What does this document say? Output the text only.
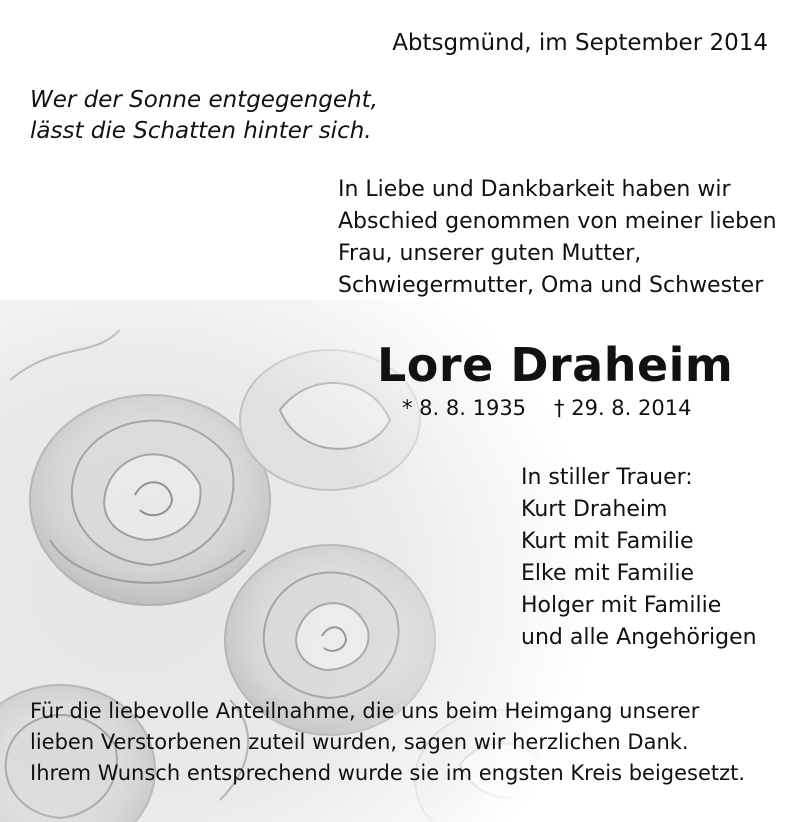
Abtsgmünd, im September 2014

Wer der Sonne entgegengeht,
lässt die Schatten hinter sich.

In Liebe und Dankbarkeit haben wir
Abschied genommen von meiner lieben
Frau, unserer guten Mutter,
Schwiegermutter, Oma und Schwester

Lore Draheim

* 8. 8. 1935 † 29. 8. 2014

In stiller Trauer:
Kurt Draheim
Kurt mit Familie
Elke mit Familie
Holger mit Familie
und alle Angehörigen

Für die liebevolle Anteilnahme, die uns beim Heimgang unserer
lieben Verstorbenen zuteil wurden, sagen wir herzlichen Dank.
Ihrem Wunsch entsprechend wurde sie im engsten Kreis beigesetzt.
